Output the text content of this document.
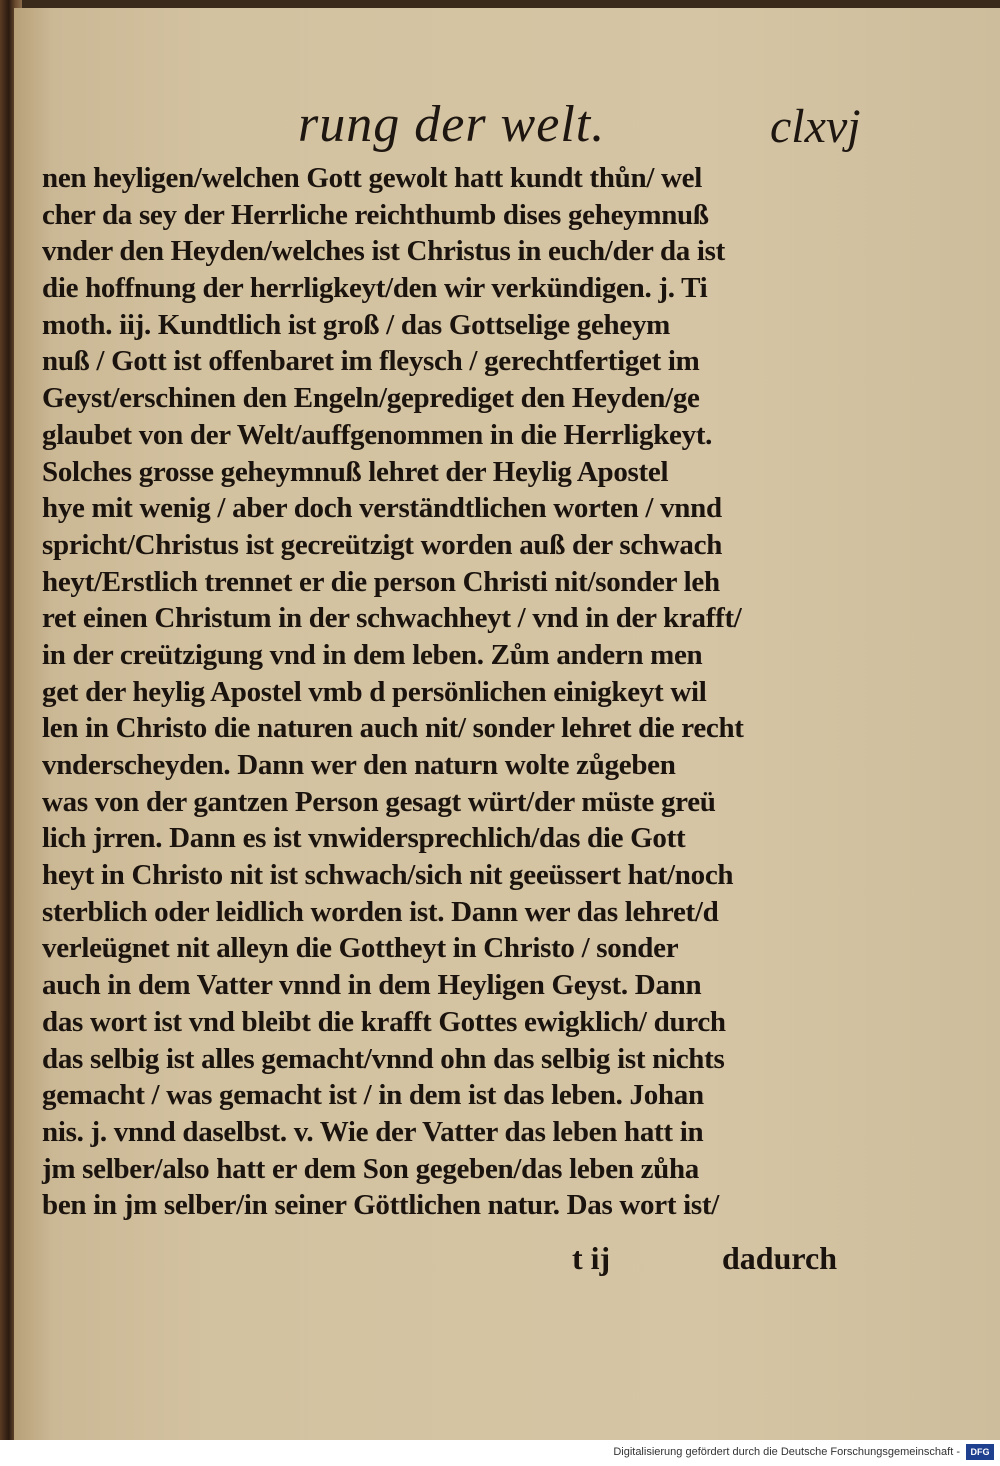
rung der welt.	clxvj
nen heyligen/welchen Gott gewolt hatt kundt thůn/ wel
cher da sey der Herrliche reichthumb dises geheymnuß
vnder den Heyden/welches ist Christus in euch/der da ist
die hoffnung der herrligkeyt/den wir verkündigen. j. Ti
moth. iij. Kundtlich ist groß / das Gottselige geheym
nuß / Gott ist offenbaret im fleysch / gerechtfertiget im
Geyst/erschinen den Engeln/geprediget den Heyden/ge
glaubet von der Welt/auffgenommen in die Herrligkeyt.
Solches grosse geheymnuß lehret der Heylig Apostel
hye mit wenig / aber doch verständtlichen worten / vnnd
spricht/Christus ist gecreützigt worden auß der schwach
heyt/Erstlich trennet er die person Christi nit/sonder leh
ret einen Christum in der schwachheyt / vnd in der krafft/
in der creützigung vnd in dem leben. Zům andern men
get der heylig Apostel vmb d persönlichen einigkeyt wil
len in Christo die naturen auch nit/ sonder lehret die recht
vnderscheyden. Dann wer den naturn wolte zůgeben
was von der gantzen Person gesagt würt/der müste greü
lich jrren. Dann es ist vnwidersprechlich/das die Gott
heyt in Christo nit ist schwach/sich nit geeüssert hat/noch
sterblich oder leidlich worden ist. Dann wer das lehret/d
verleügnet nit alleyn die Gottheyt in Christo / sonder
auch in dem Vatter vnnd in dem Heyligen Geyst. Dann
das wort ist vnd bleibt die krafft Gottes ewigklich/ durch
das selbig ist alles gemacht/vnnd ohn das selbig ist nichts
gemacht / was gemacht ist / in dem ist das leben. Johan
nis. j. vnnd daselbst. v. Wie der Vatter das leben hatt in
jm selber/also hatt er dem Son gegeben/das leben zůha
ben in jm selber/in seiner Göttlichen natur. Das wort ist/
t ij	dadurch
Digitalisierung gefördert durch die Deutsche Forschungsgemeinschaft -	DFG
